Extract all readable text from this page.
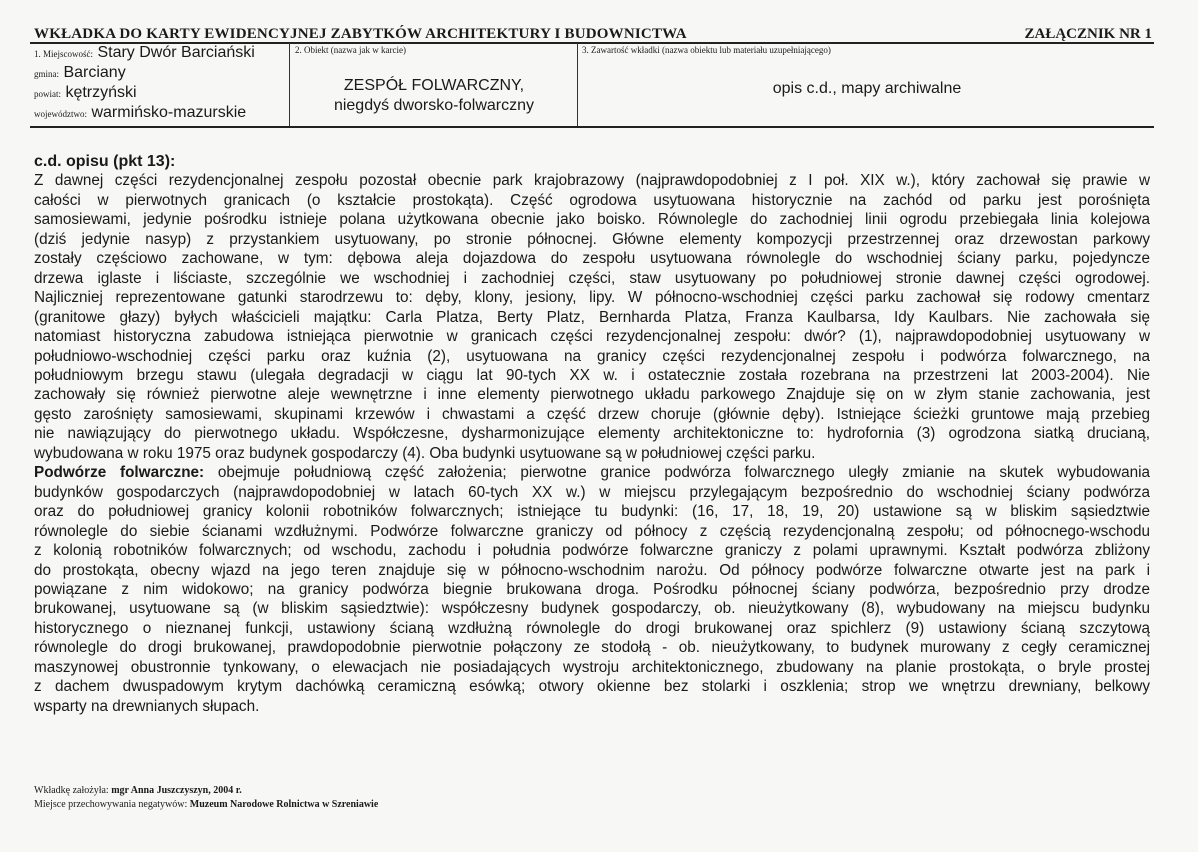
WKŁADKA DO KARTY EWIDENCYJNEJ ZABYTKÓW ARCHITEKTURY I BUDOWNICTWA	ZAŁĄCZNIK NR 1
1. Miejscowość: Stary Dwór Barciański
gmina: Barciany
powiat: kętrzyński
województwo: warmińsko-mazurskie
2. Obiekt (nazwa jak w karcie)
ZESPÓŁ FOLWARCZNY,
niegdyś dworsko-folwarczny
3. Zawartość wkładki (nazwa obiektu lub materiału uzupełniającego)
opis c.d., mapy archiwalne
c.d. opisu (pkt 13):
Z dawnej części rezydencjonalnej zespołu pozostał obecnie park krajobrazowy (najprawdopodobniej z I poł. XIX w.), który zachował się prawie w
całości w pierwotnych granicach (o kształcie prostokąta). Część ogrodowa usytuowana historycznie na zachód od parku jest porośnięta
samosiewami, jedynie pośrodku istnieje polana użytkowana obecnie jako boisko. Równolegle do zachodniej linii ogrodu przebiegała linia kolejowa
(dziś jedynie nasyp) z przystankiem usytuowany, po stronie północnej. Główne elementy kompozycji przestrzennej oraz drzewostan parkowy
zostały częściowo zachowane, w tym: dębowa aleja dojazdowa do zespołu usytuowana równolegle do wschodniej ściany parku, pojedyncze
drzewa iglaste i liściaste, szczególnie we wschodniej i zachodniej części, staw usytuowany po południowej stronie dawnej części ogrodowej.
Najliczniej reprezentowane gatunki starodrzewu to: dęby, klony, jesiony, lipy. W północno-wschodniej części parku zachował się rodowy cmentarz
(granitowe głazy) byłych właścicieli majątku: Carla Platza, Berty Platz, Bernharda Platza, Franza Kaulbarsa, Idy Kaulbars. Nie zachowała się
natomiast historyczna zabudowa istniejąca pierwotnie w granicach części rezydencjonalnej zespołu: dwór? (1), najprawdopodobniej usytuowany w
południowo-wschodniej części parku oraz kuźnia (2), usytuowana na granicy części rezydencjonalnej zespołu i podwórza folwarcznego, na
południowym brzegu stawu (ulegała degradacji w ciągu lat 90-tych XX w. i ostatecznie została rozebrana na przestrzeni lat 2003-2004). Nie
zachowały się również pierwotne aleje wewnętrzne i inne elementy pierwotnego układu parkowego Znajduje się on w złym stanie zachowania, jest
gęsto zarośnięty samosiewami, skupinami krzewów i chwastami a część drzew choruje (głównie dęby). Istniejące ścieżki gruntowe mają przebieg
nie nawiązujący do pierwotnego układu. Współczesne, dysharmonizujące elementy architektoniczne to: hydrofornia (3) ogrodzona siatką drucianą,
wybudowana w roku 1975 oraz budynek gospodarczy (4). Oba budynki usytuowane są w południowej części parku.
Podwórze folwarczne: obejmuje południową część założenia; pierwotne granice podwórza folwarcznego uległy zmianie na skutek wybudowania
budynków gospodarczych (najprawdopodobniej w latach 60-tych XX w.) w miejscu przylegającym bezpośrednio do wschodniej ściany podwórza
oraz do południowej granicy kolonii robotników folwarcznych; istniejące tu budynki: (16, 17, 18, 19, 20) ustawione są w bliskim sąsiedztwie
równolegle do siebie ścianami wzdłużnymi. Podwórze folwarczne graniczy od północy z częścią rezydencjonalną zespołu; od północnego-wschodu
z kolonią robotników folwarcznych; od wschodu, zachodu i południa podwórze folwarczne graniczy z polami uprawnymi. Kształt podwórza zbliżony
do prostokąta, obecny wjazd na jego teren znajduje się w północno-wschodnim narożu. Od północy podwórze folwarczne otwarte jest na park i
powiązane z nim widokowo; na granicy podwórza biegnie brukowana droga. Pośrodku północnej ściany podwórza, bezpośrednio przy drodze
brukowanej, usytuowane są (w bliskim sąsiedztwie): współczesny budynek gospodarczy, ob. nieużytkowany (8), wybudowany na miejscu budynku
historycznego o nieznanej funkcji, ustawiony ścianą wzdłużną równolegle do drogi brukowanej oraz spichlerz (9) ustawiony ścianą szczytową
równolegle do drogi brukowanej, prawdopodobnie pierwotnie połączony ze stodołą - ob. nieużytkowany, to budynek murowany z cegły ceramicznej
maszynowej obustronnie tynkowany, o elewacjach nie posiadających wystroju architektonicznego, zbudowany na planie prostokąta, o bryle prostej
z dachem dwuspadowym krytym dachówką ceramiczną esówką; otwory okienne bez stolarki i oszklenia; strop we wnętrzu drewniany, belkowy
wsparty na drewnianych słupach.
Wkładkę założyła: mgr Anna Juszczyszyn, 2004 r.
Miejsce przechowywania negatywów: Muzeum Narodowe Rolnictwa w Szreniawie
